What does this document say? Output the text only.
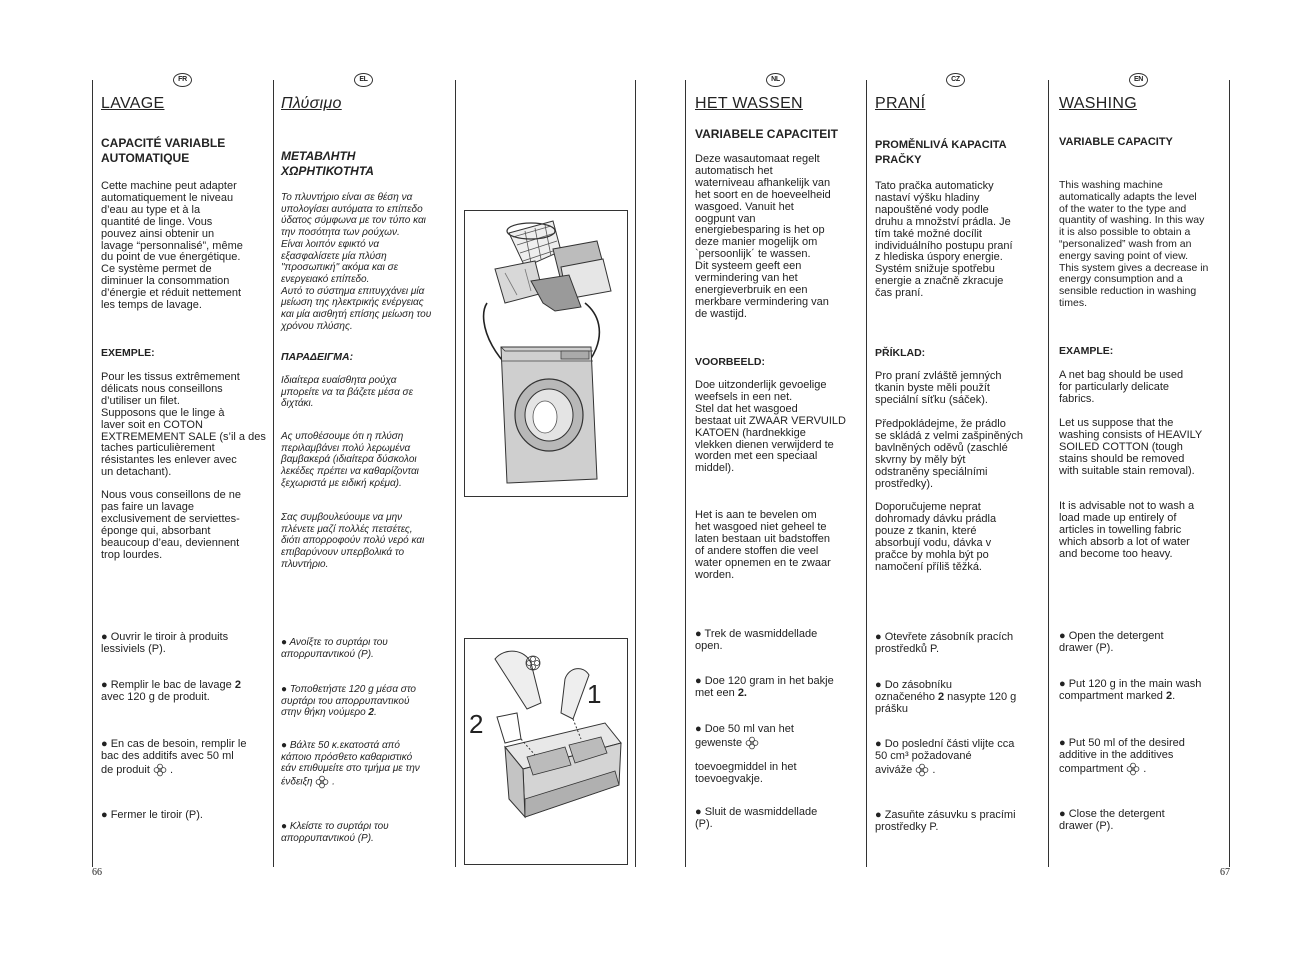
FR
LAVAGE
CAPACITÉ VARIABLE
AUTOMATIQUE
Cette machine peut adapter
automatiquement le niveau
d’eau au type et à la
quantité de linge. Vous
pouvez ainsi obtenir un
lavage “personnalisé”, même
du point de vue énergétique.
Ce système permet de
diminuer la consommation
d’énergie et réduit nettement
les temps de lavage.
EXEMPLE:
Pour les tissus extrêmement
délicats nous conseillons
d’utiliser un filet.
Supposons que le linge à
laver soit en COTON
EXTREMEMENT SALE (s’il a des
taches particulièrement
résistantes les enlever avec
un detachant).
Nous vous conseillons de ne
pas faire un lavage
exclusivement de serviettes-
éponge qui, absorbant
beaucoup d’eau, deviennent
trop lourdes.
● Ouvrir le tiroir à produits
lessiviels (P).
● Remplir le bac de lavage 2
avec 120 g de produit.
● En cas de besoin, remplir le
bac des additifs avec 50 ml
de produit  .
● Fermer le tiroir (P).
66
EL
Πλύσιμο
ΜΕΤΑΒΛΗΤΗ
ΧΩΡΗΤΙΚΟΤΗΤΑ
Το πλυντήριο είναι σε θέση να
υπολογίσει αυτόματα το επίπεδο
ύδατος σύμφωνα με τον τύπο και
την ποσότητα των ρούχων.
Είναι λοιπόν εφικτό να
εξασφαλίσετε μία πλύση
"προσωπική" ακόμα και σε
ενεργειακό επίπεδο.
Αυτό το σύστημα επιτυγχάνει μία
μείωση της ηλεκτρικής ενέργειας
και μία αισθητή επίσης μείωση του
χρόνου πλύσης.
ΠΑΡΑΔΕΙΓΜΑ:
Ιδιαίτερα ευαίσθητα ρούχα
μπορείτε να τα βάζετε μέσα σε
διχτάκι.
Ας υποθέσουμε ότι η πλύση
περιλαμβάνει πολύ λερωμένα
βαμβακερά (ιδιαίτερα δύσκολοι
λεκέδες πρέπει να καθαρίζονται
ξεχωριστά με ειδική κρέμα).
Σας συμβουλεύουμε να μην
πλένετε μαζί πολλές πετσέτες,
διότι απορροφούν πολύ νερό και
επιβαρύνουν υπερβολικά το
πλυντήριο.
● Ανοίξτε το συρτάρι του
απορρυπαντικού (P).
● Τοποθετήστε 120 g μέσα στο
συρτάρι του απορρυπαντικού
στην θήκη νούμερο 2.
● Βάλτε 50 κ.εκατοστά από
κάποιο πρόσθετο καθαριστικό
εάν επιθυμείτε στο τμήμα με την
ένδειξη  .
● Κλείστε το συρτάρι του
απορρυπαντικού (P).
2
1
NL
HET WASSEN
VARIABELE CAPACITEIT
Deze wasautomaat regelt
automatisch het
waterniveau afhankelijk van
het soort en de hoeveelheid
wasgoed. Vanuit het
oogpunt van
energiebesparing is het op
deze manier mogelijk om
`persoonlijk´ te wassen.
Dit systeem geeft een
vermindering van het
energieverbruik en een
merkbare vermindering van
de wastijd.
VOORBEELD:
Doe uitzonderlijk gevoelige
weefsels in een net.
Stel dat het wasgoed
bestaat uit ZWAAR VERVUILD
KATOEN (hardnekkige
vlekken dienen verwijderd te
worden met een speciaal
middel).
Het is aan te bevelen om
het wasgoed niet geheel te
laten bestaan uit badstoffen
of andere stoffen die veel
water opnemen en te zwaar
worden.
● Trek de wasmiddellade
open.
● Doe 120 gram in het bakje
met een 2.
● Doe 50 ml van het
gewenste

toevoegmiddel in het
toevoegvakje.
● Sluit de wasmiddellade
(P).
CZ
PRANÍ
PROMĚNLIVÁ KAPACITA
PRAČKY
Tato pračka automaticky
nastaví výšku hladiny
napouštěné vody podle
druhu a množství prádla. Je
tím také možné docílit
individuálního postupu praní
z hlediska úspory energie.
Systém snižuje spotřebu
energie a značně zkracuje
čas praní.
PŘÍKLAD:
Pro praní zvláště jemných
tkanin byste měli použít
speciální síťku (sáček).
Předpokládejme, že prádlo
se skládá z velmi zašpiněných
bavlněných oděvů (zaschlé
skvrny by měly být
odstraněny speciálními
prostředky).
Doporučujeme neprat
dohromady dávku prádla
pouze z tkanin, které
absorbují vodu, dávka v
pračce by mohla být po
namočení příliš těžká.
● Otevřete zásobník pracích
prostředků P.
● Do zásobníku
označeného 2 nasypte 120 g
prášku
● Do poslední části vlijte cca
50 cm³ požadované
avivážе  .
● Zasuňte zásuvku s pracími
prostředky P.
EN
WASHING
VARIABLE CAPACITY
This washing machine
automatically adapts the level
of the water to the type and
quantity of washing. In this way
it is also possible to obtain a
“personalized” wash from an
energy saving point of view.
This system gives a decrease in
energy consumption and a
sensible reduction in washing
times.
EXAMPLE:
A net bag should be used
for particularly delicate
fabrics.
Let us suppose that the
washing consists of HEAVILY
SOILED COTTON (tough
stains should be removed
with suitable stain removal).
It is advisable not to wash a
load made up entirely of
articles in towelling fabric
which absorb a lot of water
and become too heavy.
● Open the detergent
drawer (P).
● Put 120 g in the main wash
compartment marked 2.
● Put 50 ml of the desired
additive in the additives
compartment  .
● Close the detergent
drawer (P).
67
